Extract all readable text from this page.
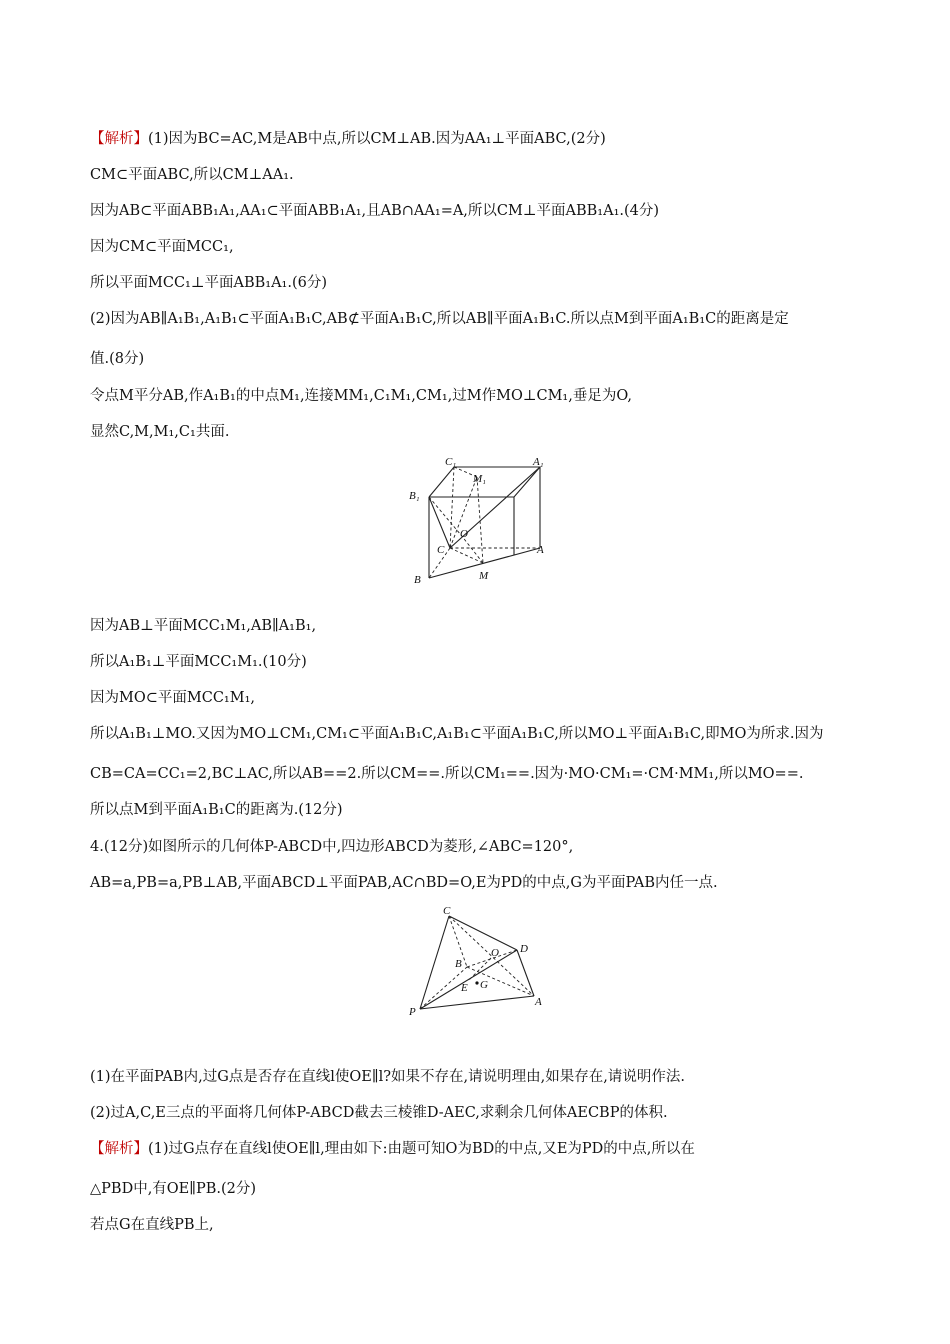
【解析】(1)因为BC=AC,M是AB中点,所以CM⊥AB.因为AA₁⊥平面ABC,(2分)
CM⊂平面ABC,所以CM⊥AA₁.
因为AB⊂平面ABB₁A₁,AA₁⊂平面ABB₁A₁,且AB∩AA₁=A,所以CM⊥平面ABB₁A₁.(4分)
因为CM⊂平面MCC₁,
所以平面MCC₁⊥平面ABB₁A₁.(6分)
(2)因为AB∥A₁B₁,A₁B₁⊂平面A₁B₁C,AB⊄平面A₁B₁C,所以AB∥平面A₁B₁C.所以点M到平面A₁B₁C的距离是定
值.(8分)
令点M平分AB,作A₁B₁的中点M₁,连接MM₁,C₁M₁,CM₁,过M作MO⊥CM₁,垂足为O,
显然C,M,M₁,C₁共面.
C₁
M₁
A₁
B₁
O
C	A
B	M
因为AB⊥平面MCC₁M₁,AB∥A₁B₁,
所以A₁B₁⊥平面MCC₁M₁.(10分)
因为MO⊂平面MCC₁M₁,
所以A₁B₁⊥MO.又因为MO⊥CM₁,CM₁⊂平面A₁B₁C,A₁B₁⊂平面A₁B₁C,所以MO⊥平面A₁B₁C,即MO为所求.因为
CB=CA=CC₁=2,BC⊥AC,所以AB==2.所以CM==.所以CM₁==.因为·MO·CM₁=·CM·MM₁,所以MO==.
所以点M到平面A₁B₁C的距离为.(12分)
4.(12分)如图所示的几何体P-ABCD中,四边形ABCD为菱形,∠ABC=120°,
AB=a,PB=a,PB⊥AB,平面ABCD⊥平面PAB,AC∩BD=O,E为PD的中点,G为平面PAB内任一点.
C
D
O
B
E G
P
A
(1)在平面PAB内,过G点是否存在直线l使OE∥l?如果不存在,请说明理由,如果存在,请说明作法.
(2)过A,C,E三点的平面将几何体P-ABCD截去三棱锥D-AEC,求剩余几何体AECBP的体积.
【解析】(1)过G点存在直线l使OE∥l,理由如下:由题可知O为BD的中点,又E为PD的中点,所以在
△PBD中,有OE∥PB.(2分)
若点G在直线PB上,
